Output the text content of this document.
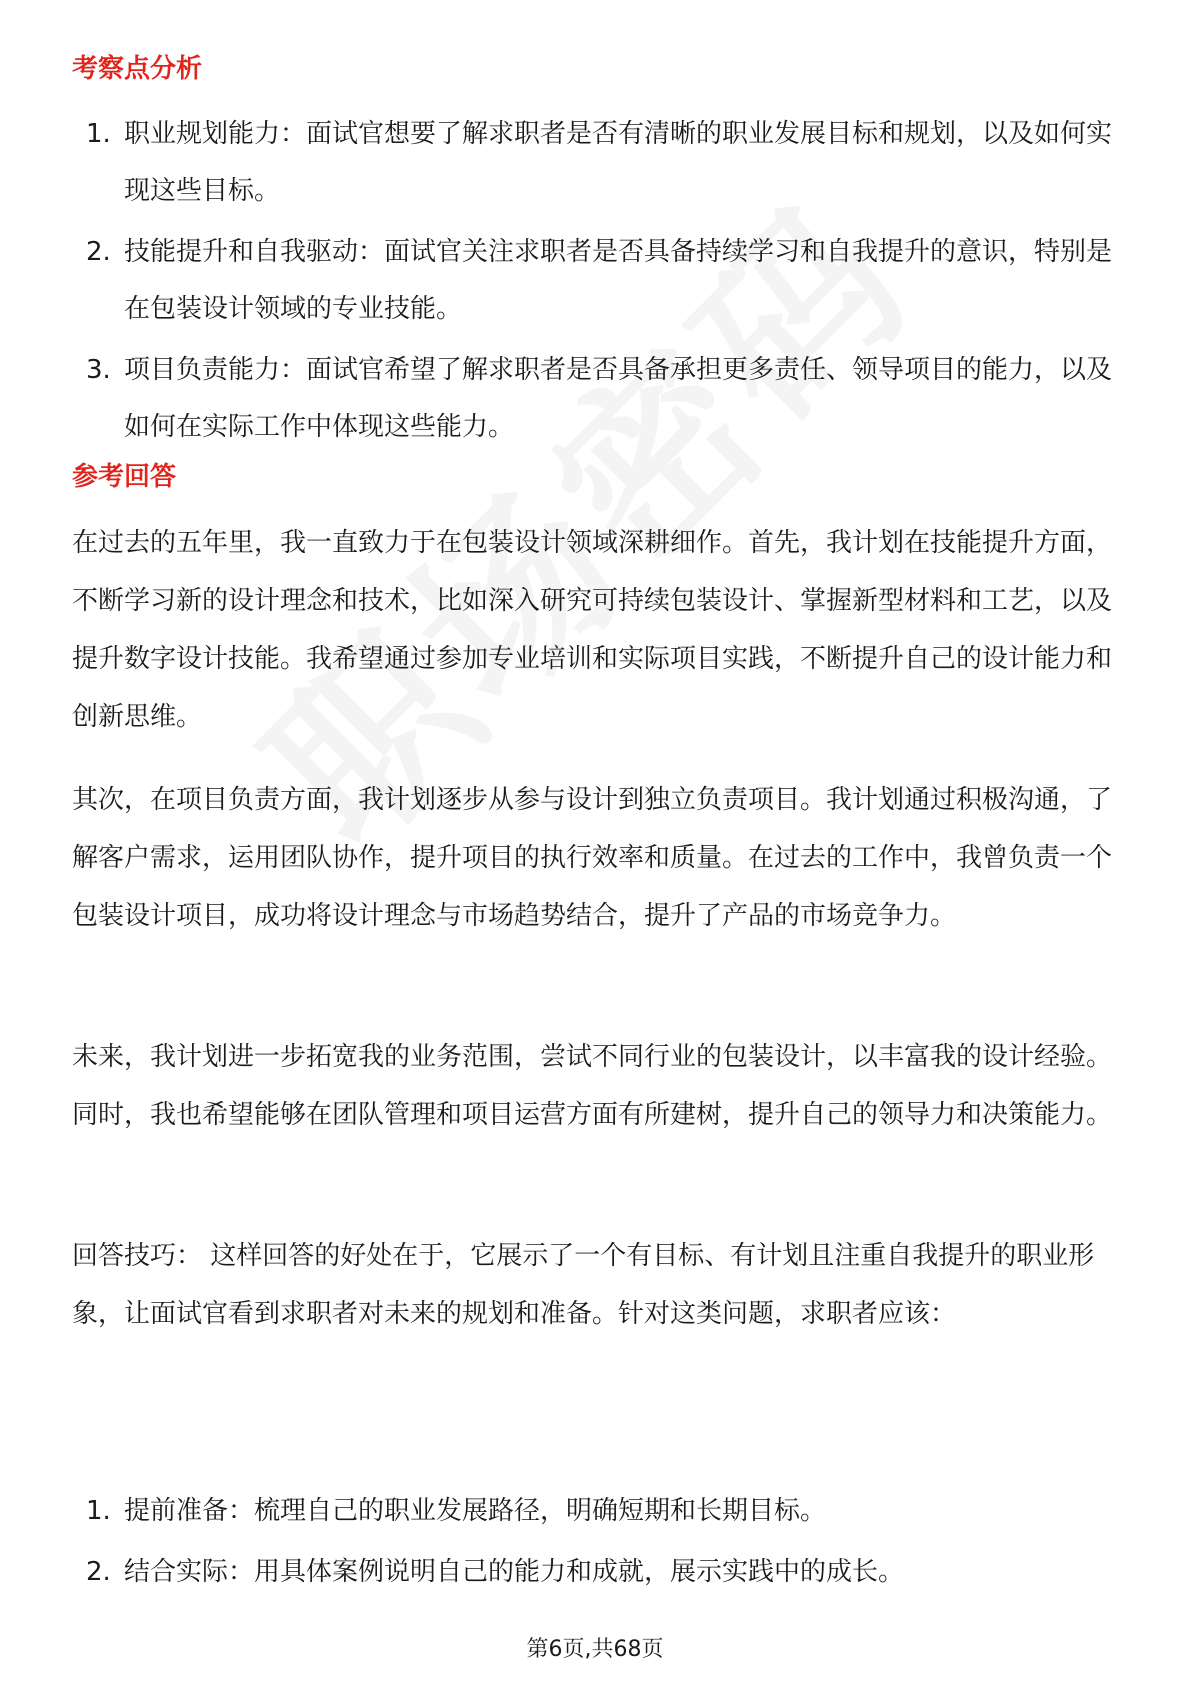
考察点分析
1. 职业规划能力：面试官想要了解求职者是否有清晰的职业发展目标和规划，以及如何实现这些目标。
2. 技能提升和自我驱动：面试官关注求职者是否具备持续学习和自我提升的意识，特别是在包装设计领域的专业技能。
3. 项目负责能力：面试官希望了解求职者是否具备承担更多责任、领导项目的能力，以及如何在实际工作中体现这些能力。
参考回答

在过去的五年里，我一直致力于在包装设计领域深耕细作。首先，我计划在技能提升方面，不断学习新的设计理念和技术，比如深入研究可持续包装设计、掌握新型材料和工艺，以及提升数字设计技能。我希望通过参加专业培训和实际项目实践，不断提升自己的设计能力和创新思维。

其次，在项目负责方面，我计划逐步从参与设计到独立负责项目。我计划通过积极沟通，了解客户需求，运用团队协作，提升项目的执行效率和质量。在过去的工作中，我曾负责一个包装设计项目，成功将设计理念与市场趋势结合，提升了产品的市场竞争力。

未来，我计划进一步拓宽我的业务范围，尝试不同行业的包装设计，以丰富我的设计经验。同时，我也希望能够在团队管理和项目运营方面有所建树，提升自己的领导力和决策能力。

回答技巧： 这样回答的好处在于，它展示了一个有目标、有计划且注重自我提升的职业形象，让面试官看到求职者对未来的规划和准备。针对这类问题，求职者应该：

1. 提前准备：梳理自己的职业发展路径，明确短期和长期目标。
2. 结合实际：用具体案例说明自己的能力和成就，展示实践中的成长。
第6页,共68页
